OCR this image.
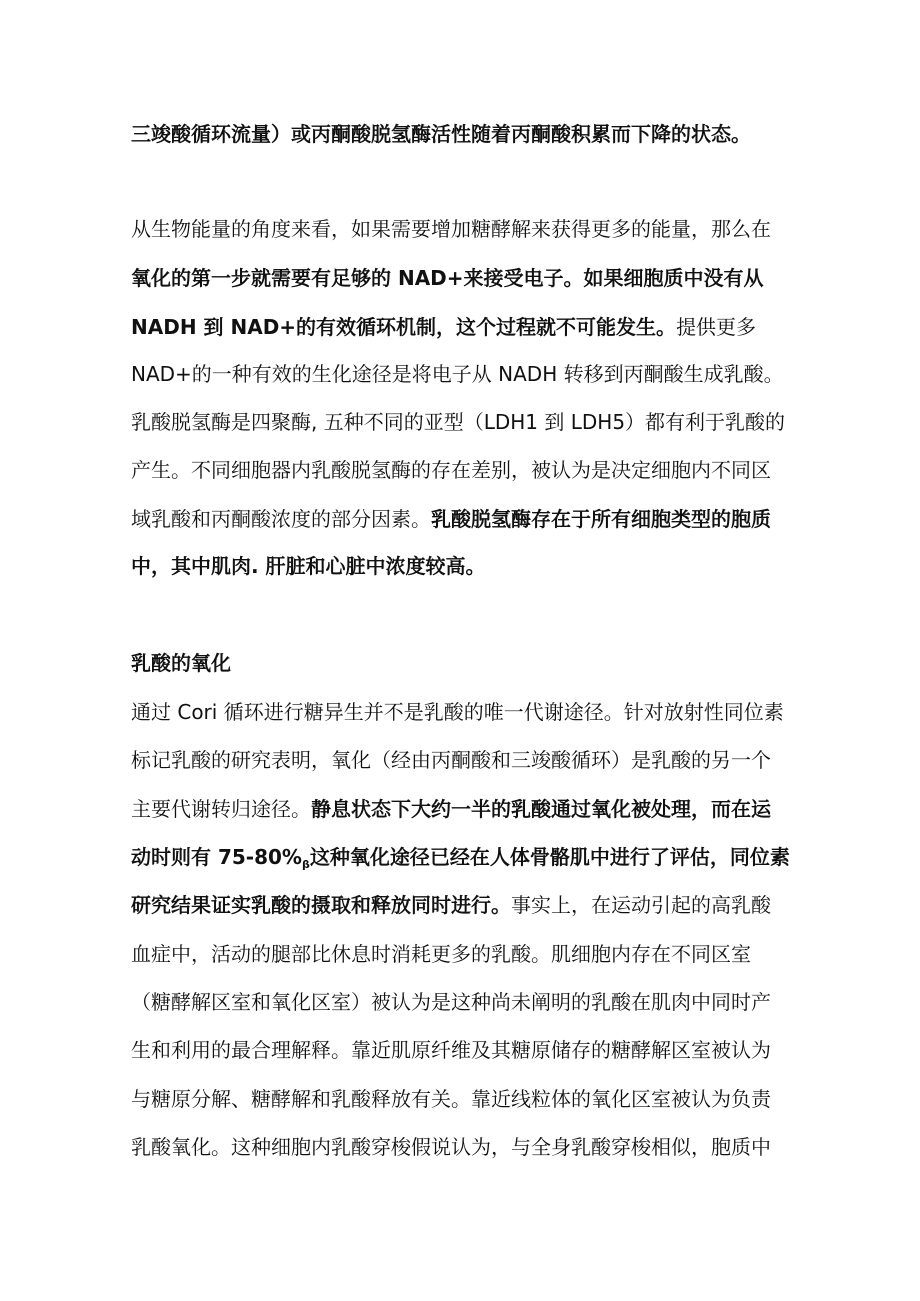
三竣酸循环流量）或丙酮酸脱氢酶活性随着丙酮酸积累而下降的状态。
从生物能量的角度来看，如果需要增加糖酵解来获得更多的能量，那么在
氧化的第一步就需要有足够的 NAD+来接受电子。如果细胞质中没有从
NADH 到 NAD+的有效循环机制，这个过程就不可能发生。提供更多
NAD+的一种有效的生化途径是将电子从 NADH 转移到丙酮酸生成乳酸。
乳酸脱氢酶是四聚酶, 五种不同的亚型（LDH1 到 LDH5）都有利于乳酸的
产生。不同细胞器内乳酸脱氢酶的存在差别，被认为是决定细胞内不同区
域乳酸和丙酮酸浓度的部分因素。乳酸脱氢酶存在于所有细胞类型的胞质
中，其中肌肉. 肝脏和心脏中浓度较高。
乳酸的氧化
通过 Cori 循环进行糖异生并不是乳酸的唯一代谢途径。针对放射性同位素
标记乳酸的研究表明，氧化（经由丙酮酸和三竣酸循环）是乳酸的另一个
主要代谢转归途径。静息状态下大约一半的乳酸通过氧化被处理，而在运
动时则有 $75-80\%_\beta$这种氧化途径已经在人体骨骼肌中进行了评估，同位素
研究结果证实乳酸的摄取和释放同时进行。事实上，在运动引起的高乳酸
血症中，活动的腿部比休息时消耗更多的乳酸。肌细胞内存在不同区室
（糖酵解区室和氧化区室）被认为是这种尚未阐明的乳酸在肌肉中同时产
生和利用的最合理解释。靠近肌原纤维及其糖原储存的糖酵解区室被认为
与糖原分解、糖酵解和乳酸释放有关。靠近线粒体的氧化区室被认为负责
乳酸氧化。这种细胞内乳酸穿梭假说认为，与全身乳酸穿梭相似，胞质中
